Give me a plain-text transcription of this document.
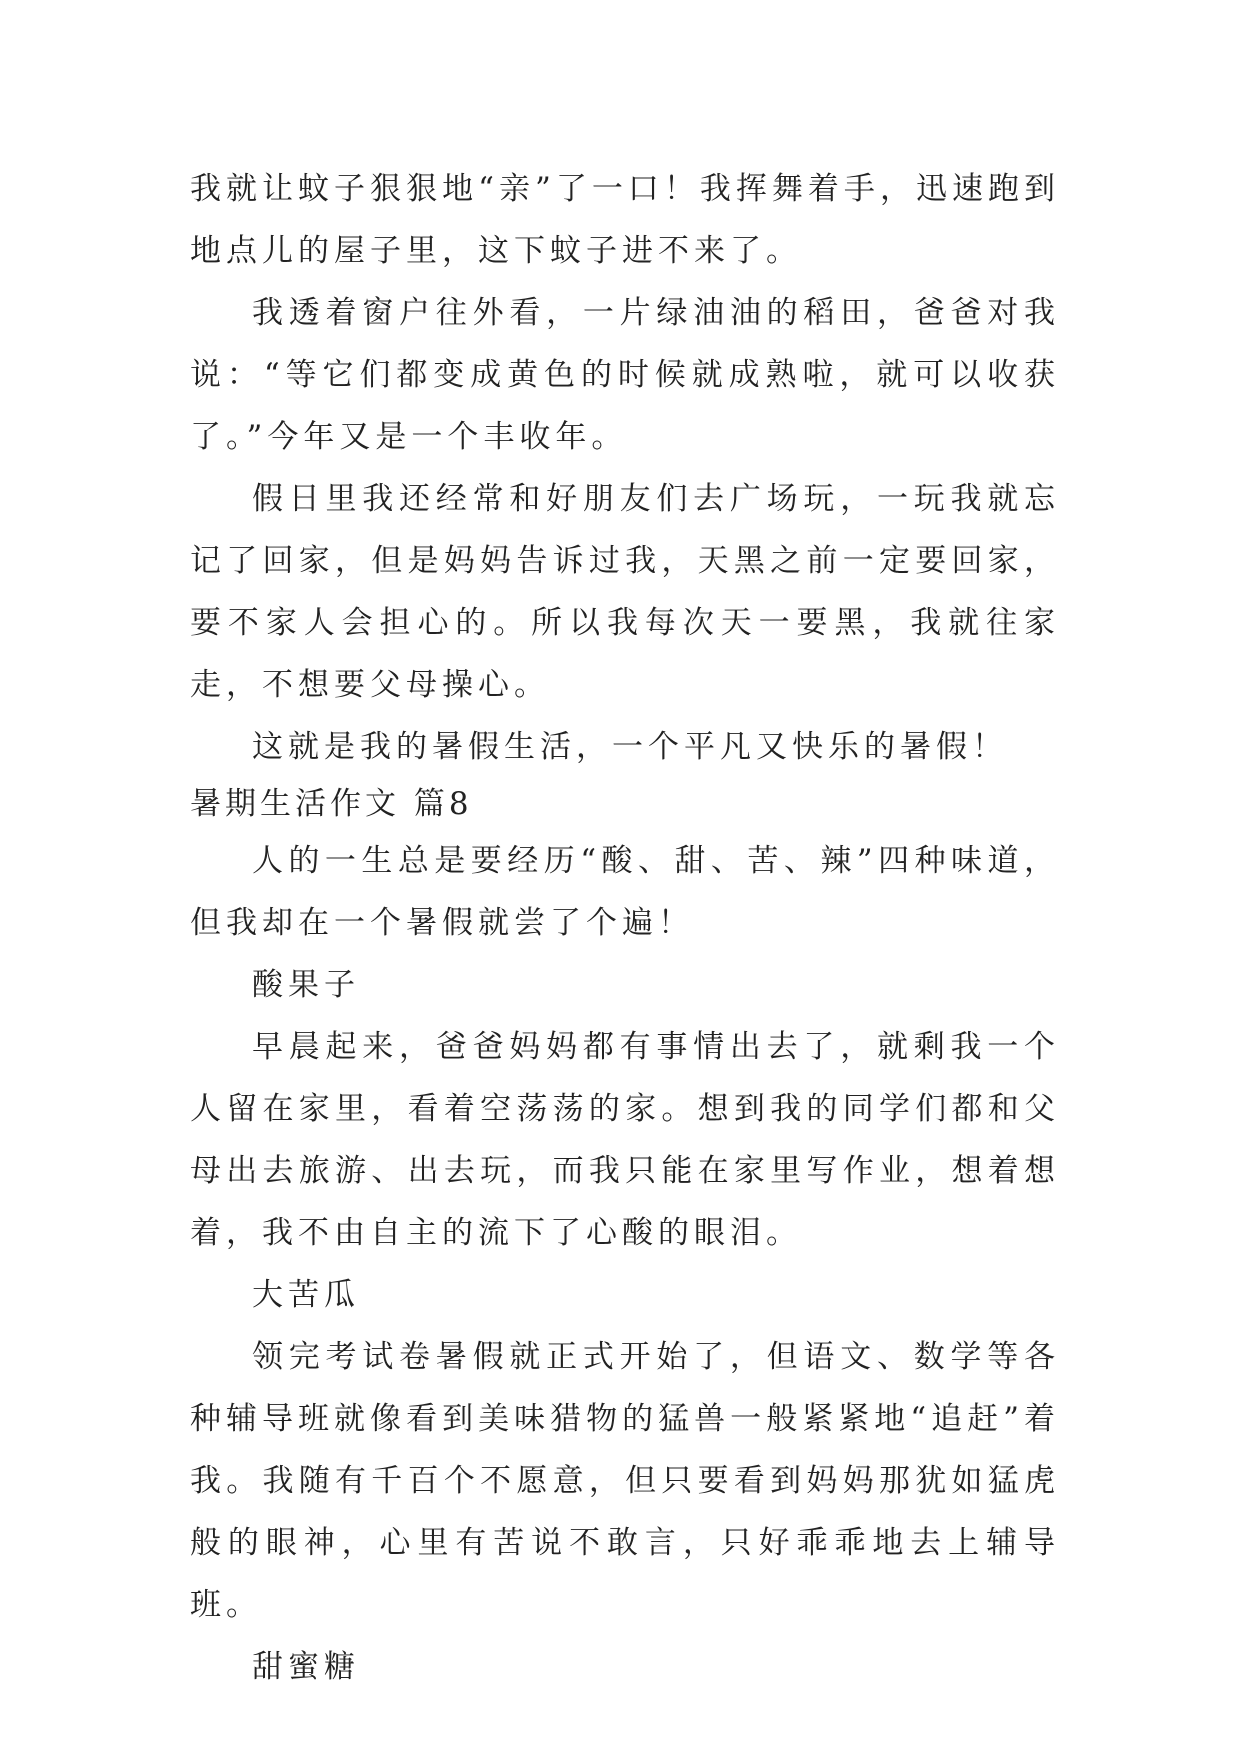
我就让蚊子狠狠地“亲”了一口！我挥舞着手，迅速跑到地点儿的屋子里，这下蚊子进不来了。

我透着窗户往外看，一片绿油油的稻田，爸爸对我说：“等它们都变成黄色的时候就成熟啦，就可以收获了。”今年又是一个丰收年。

假日里我还经常和好朋友们去广场玩，一玩我就忘记了回家，但是妈妈告诉过我，天黑之前一定要回家，要不家人会担心的。所以我每次天一要黑，我就往家走，不想要父母操心。

这就是我的暑假生活，一个平凡又快乐的暑假！

暑期生活作文 篇8

人的一生总是要经历“酸、甜、苦、辣”四种味道，但我却在一个暑假就尝了个遍！

酸果子

早晨起来，爸爸妈妈都有事情出去了，就剩我一个人留在家里，看着空荡荡的家。想到我的同学们都和父母出去旅游、出去玩，而我只能在家里写作业，想着想着，我不由自主的流下了心酸的眼泪。

大苦瓜

领完考试卷暑假就正式开始了，但语文、数学等各种辅导班就像看到美味猎物的猛兽一般紧紧地“追赶”着我。我随有千百个不愿意，但只要看到妈妈那犹如猛虎般的眼神，心里有苦说不敢言，只好乖乖地去上辅导班。

甜蜜糖
